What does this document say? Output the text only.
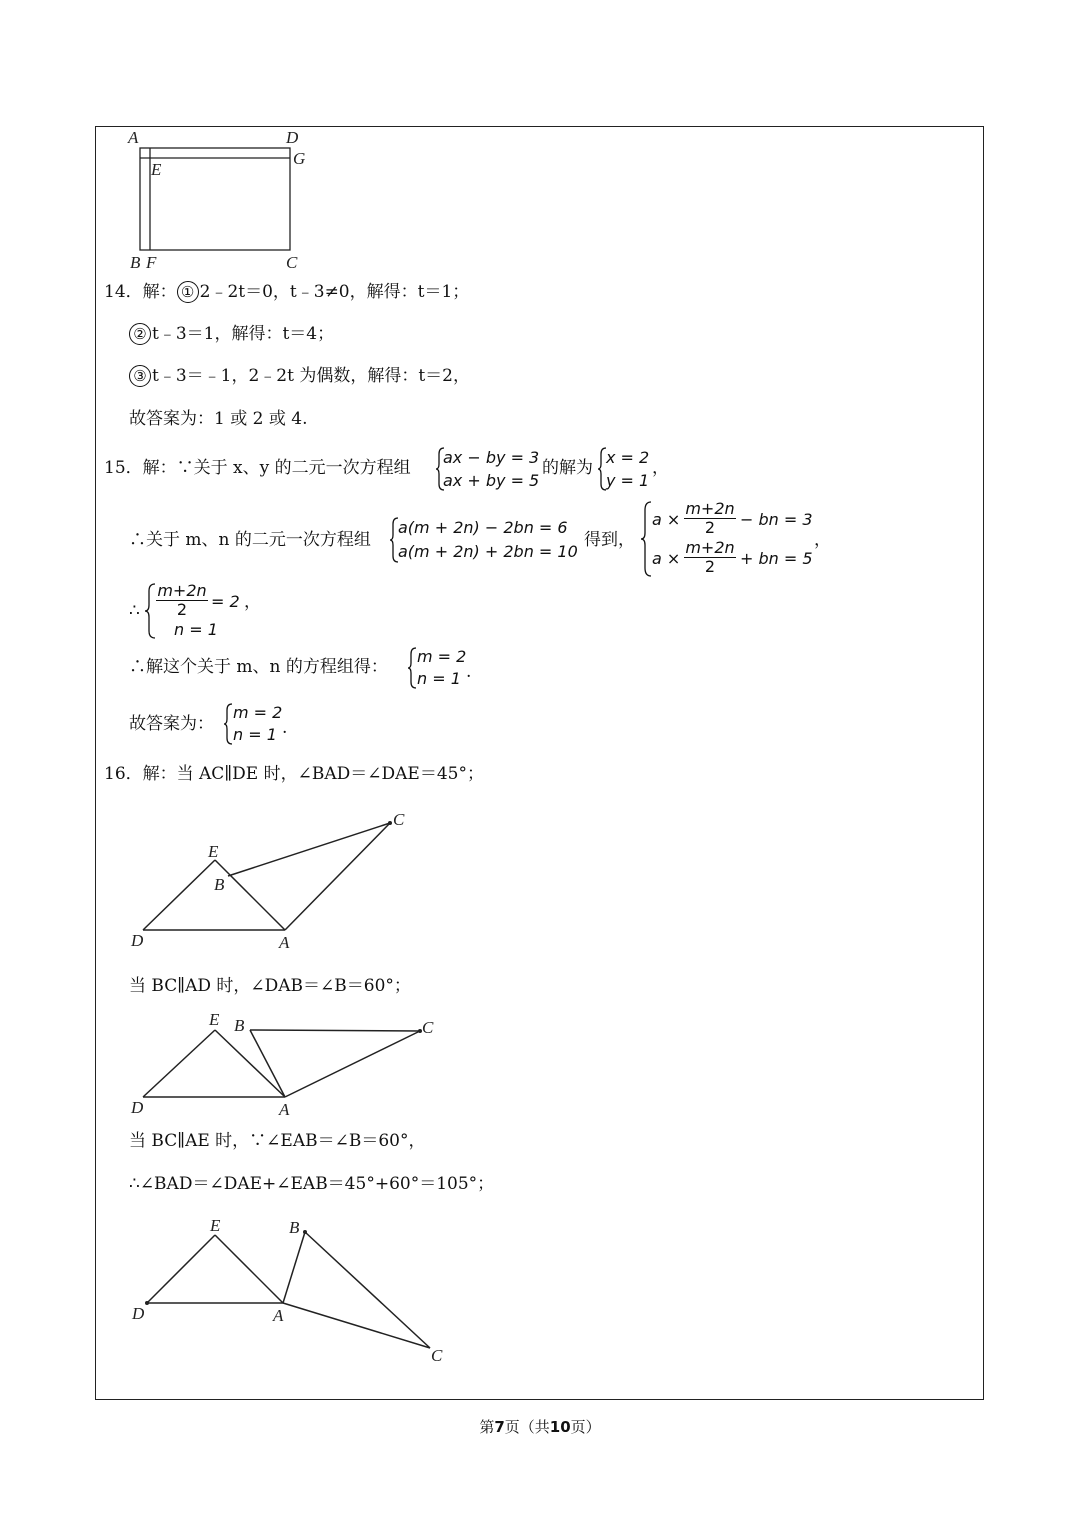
A	D
G
E
B F	C
14．解： ① 2﹣2t＝0，t﹣3≠0，解得：t＝1；
② t﹣3＝1，解得：t＝4；
③ t﹣3＝﹣1，2﹣2t 为偶数，解得：t＝2，
故答案为：1 或 2 或 4.
15．解：∵关于 x、y 的二元一次方程组
ax − by = 3
ax + by = 5
的解为
x = 2
y = 1
，
∴关于 m、n 的二元一次方程组
a(m + 2n) − 2bn = 6
a(m + 2n) + 2bn = 10
得到，
a ×
m+2n
2	− bn = 3
a ×
m+2n
2	+ bn = 5
，
∴
m+2n
2	= 2 ，
n = 1
∴解这个关于 m、n 的方程组得：
m = 2
n = 1 .
故答案为：
m = 2
n = 1 .
16．解：当 AC∥DE 时，∠BAD＝∠DAE＝45°；
E
B
C
D	A
当 BC∥AD 时，∠DAB＝∠B＝60°；
E B	C
D	A
当 BC∥AE 时，∵∠EAB＝∠B＝60°，
∴∠BAD＝∠DAE+∠EAB＝45°+60°＝105°；
E	B
C
D	A
第7页（共10页）
